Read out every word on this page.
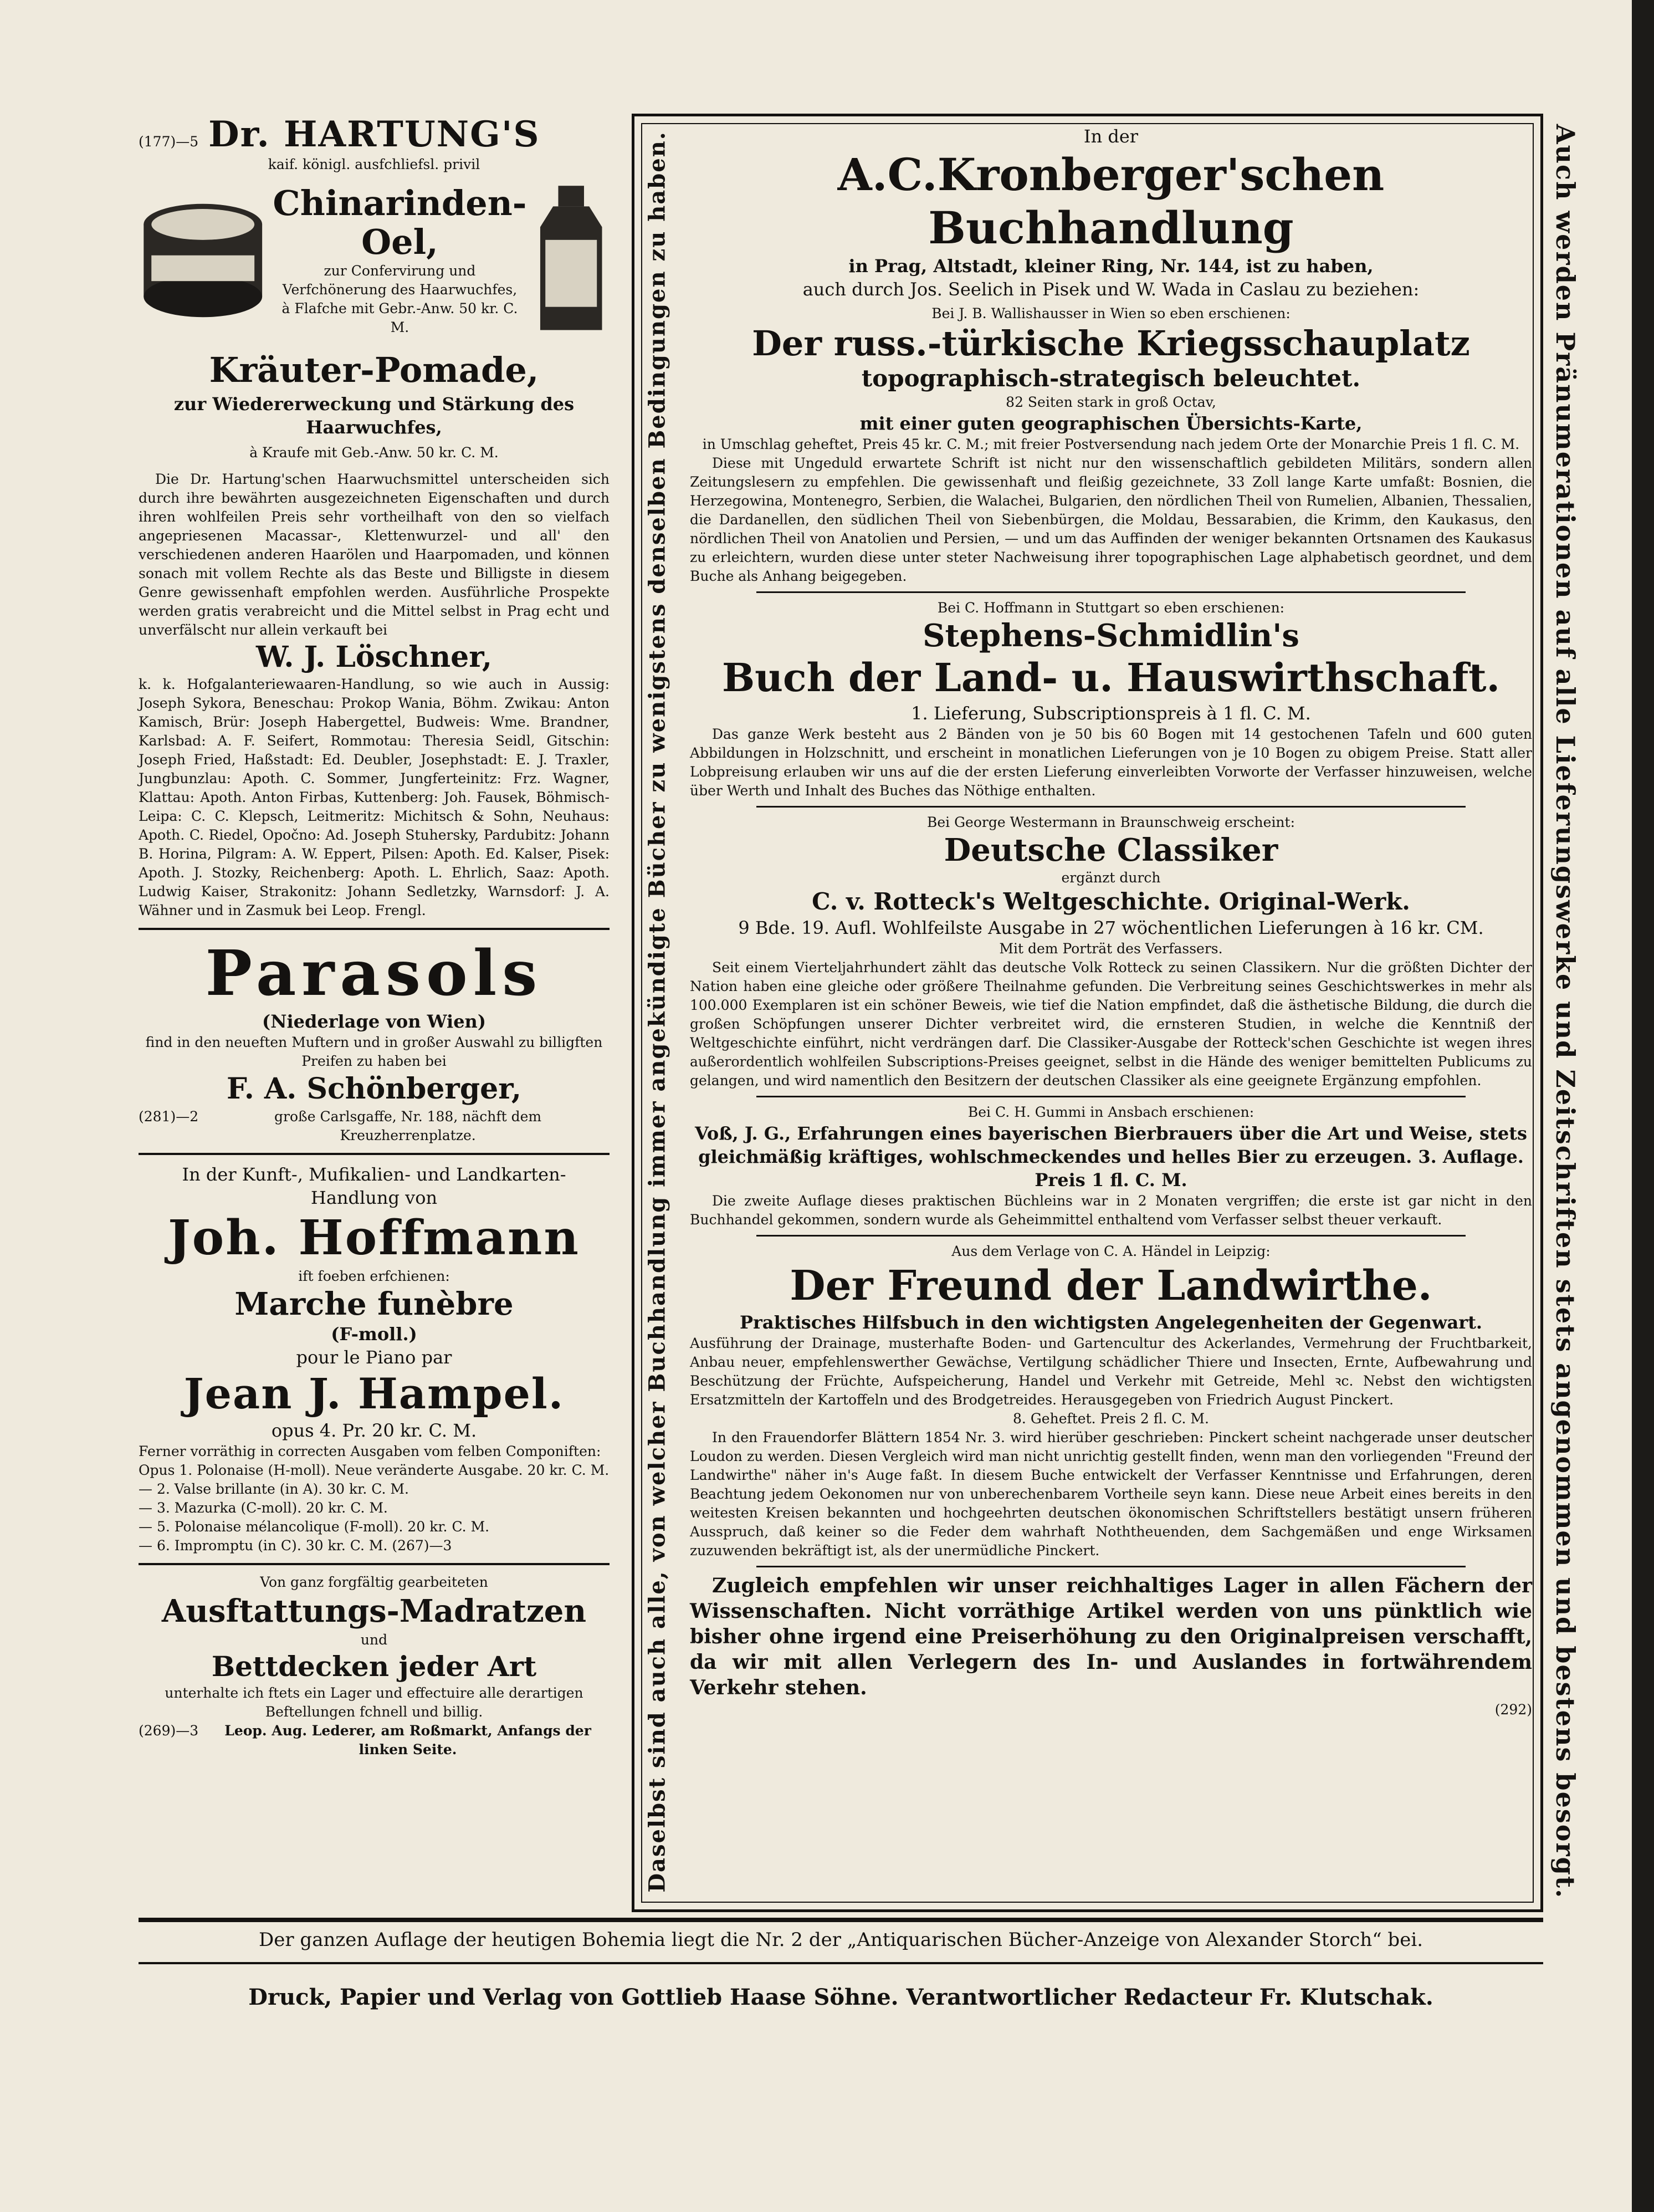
(177)—5 Dr. HARTUNG'S
kaif. königl. ausfchliefsl. privil
Chinarinden-
Oel,
zur Confervirung und Verfchönerung des Haarwuchfes,
à Flafche mit Gebr.-Anw. 50 kr. C. M.
Kräuter-Pomade,
zur Wiedererweckung und Stärkung des Haarwuchfes,
à Kraufe mit Geb.-Anw. 50 kr. C. M.
Die Dr. Hartung'schen Haarwuchsmittel unterscheiden sich durch ihre bewährten ausgezeichneten Eigenschaften und durch ihren wohlfeilen Preis sehr vortheilhaft von den so vielfach angepriesenen Macassar-, Klettenwurzel- und all' den verschiedenen anderen Haarölen und Haarpomaden, und können sonach mit vollem Rechte als das Beste und Billigste in diesem Genre gewissenhaft empfohlen werden. Ausführliche Prospekte werden gratis verabreicht und die Mittel selbst in Prag echt und unverfälscht nur allein verkauft bei
W. J. Löschner,
k. k. Hofgalanteriewaaren-Handlung, so wie auch in Aussig: Joseph Sykora, Beneschau: Prokop Wania, Böhm. Zwikau: Anton Kamisch, Brür: Joseph Habergettel, Budweis: Wme. Brandner, Karlsbad: A. F. Seifert, Rommotau: Theresia Seidl, Gitschin: Joseph Fried, Haßstadt: Ed. Deubler, Josephstadt: E. J. Traxler, Jungbunzlau: Apoth. C. Sommer, Jungferteinitz: Frz. Wagner, Klattau: Apoth. Anton Firbas, Kuttenberg: Joh. Fausek, Böhmisch-Leipa: C. C. Klepsch, Leitmeritz: Michitsch & Sohn, Neuhaus: Apoth. C. Riedel, Opočno: Ad. Joseph Stuhersky, Pardubitz: Johann B. Horina, Pilgram: A. W. Eppert, Pilsen: Apoth. Ed. Kalser, Pisek: Apoth. J. Stozky, Reichenberg: Apoth. L. Ehrlich, Saaz: Apoth. Ludwig Kaiser, Strakonitz: Johann Sedletzky, Warnsdorf: J. A. Wähner und in Zasmuk bei Leop. Frengl.
Parasols
(Niederlage von Wien)
find in den neueften Muftern und in großer Auswahl zu billigften Preifen zu haben bei
F. A. Schönberger,
(281)—2	große Carlsgaffe, Nr. 188, nächft dem Kreuzherrenplatze.
In der Kunft-, Mufikalien- und Landkarten-Handlung von
Joh. Hoffmann
ift foeben erfchienen:
Marche funèbre
(F-moll.)
pour le Piano par
Jean J. Hampel.
opus 4. Pr. 20 kr. C. M.
Ferner vorräthig in correcten Ausgaben vom felben Componiften:
Opus 1. Polonaise (H-moll). Neue veränderte Ausgabe. 20 kr. C. M.
— 2. Valse brillante (in A). 30 kr. C. M.
— 3. Mazurka (C-moll). 20 kr. C. M.
— 5. Polonaise mélancolique (F-moll). 20 kr. C. M.
— 6. Impromptu (in C). 30 kr. C. M. (267)—3
Von ganz forgfältig gearbeiteten
Ausftattungs-Madratzen
und
Bettdecken jeder Art
unterhalte ich ftets ein Lager und effectuire alle derartigen Beftellungen fchnell und billig.
(269)—3	Leop. Aug. Lederer, am Roßmarkt, Anfangs der linken Seite.	Daselbst sind auch alle, von welcher Buchhandlung immer angekündigte Bücher zu wenigstens denselben Bedingungen zu haben.	Auch werden Pränumerationen auf alle Lieferungswerke und Zeitschriften stets angenommen und bestens besorgt.
In der
A.C.Kronberger'schen Buchhandlung
in Prag, Altstadt, kleiner Ring, Nr. 144, ist zu haben,
auch durch Jos. Seelich in Pisek und W. Wada in Caslau zu beziehen:
Bei J. B. Wallishausser in Wien so eben erschienen:
Der russ.-türkische Kriegsschauplatz
topographisch-strategisch beleuchtet.
82 Seiten stark in groß Octav,
mit einer guten geographischen Übersichts-Karte,
in Umschlag geheftet, Preis 45 kr. C. M.; mit freier Postversendung nach jedem Orte der Monarchie Preis 1 fl. C. M.
Diese mit Ungeduld erwartete Schrift ist nicht nur den wissenschaftlich gebildeten Militärs, sondern allen Zeitungslesern zu empfehlen. Die gewissenhaft und fleißig gezeichnete, 33 Zoll lange Karte umfaßt: Bosnien, die Herzegowina, Montenegro, Serbien, die Walachei, Bulgarien, den nördlichen Theil von Rumelien, Albanien, Thessalien, die Dardanellen, den südlichen Theil von Siebenbürgen, die Moldau, Bessarabien, die Krimm, den Kaukasus, den nördlichen Theil von Anatolien und Persien, — und um das Auffinden der weniger bekannten Ortsnamen des Kaukasus zu erleichtern, wurden diese unter steter Nachweisung ihrer topographischen Lage alphabetisch geordnet, und dem Buche als Anhang beigegeben.
Bei C. Hoffmann in Stuttgart so eben erschienen:
Stephens-Schmidlin's
Buch der Land- u. Hauswirthschaft.
1. Lieferung, Subscriptionspreis à 1 fl. C. M.
Das ganze Werk besteht aus 2 Bänden von je 50 bis 60 Bogen mit 14 gestochenen Tafeln und 600 guten Abbildungen in Holzschnitt, und erscheint in monatlichen Lieferungen von je 10 Bogen zu obigem Preise. Statt aller Lobpreisung erlauben wir uns auf die der ersten Lieferung einverleibten Vorworte der Verfasser hinzuweisen, welche über Werth und Inhalt des Buches das Nöthige enthalten.
Bei George Westermann in Braunschweig erscheint:
Deutsche Classiker
ergänzt durch
C. v. Rotteck's Weltgeschichte. Original-Werk.
9 Bde. 19. Aufl. Wohlfeilste Ausgabe in 27 wöchentlichen Lieferungen à 16 kr. CM.
Mit dem Porträt des Verfassers.
Seit einem Vierteljahrhundert zählt das deutsche Volk Rotteck zu seinen Classikern. Nur die größten Dichter der Nation haben eine gleiche oder größere Theilnahme gefunden. Die Verbreitung seines Geschichtswerkes in mehr als 100.000 Exemplaren ist ein schöner Beweis, wie tief die Nation empfindet, daß die ästhetische Bildung, die durch die großen Schöpfungen unserer Dichter verbreitet wird, die ernsteren Studien, in welche die Kenntniß der Weltgeschichte einführt, nicht verdrängen darf. Die Classiker-Ausgabe der Rotteck'schen Geschichte ist wegen ihres außerordentlich wohlfeilen Subscriptions-Preises geeignet, selbst in die Hände des weniger bemittelten Publicums zu gelangen, und wird namentlich den Besitzern der deutschen Classiker als eine geeignete Ergänzung empfohlen.
Bei C. H. Gummi in Ansbach erschienen:
Voß, J. G., Erfahrungen eines bayerischen Bierbrauers über die Art und Weise, stets gleichmäßig kräftiges, wohlschmeckendes und helles Bier zu erzeugen. 3. Auflage.
Preis 1 fl. C. M.
Die zweite Auflage dieses praktischen Büchleins war in 2 Monaten vergriffen; die erste ist gar nicht in den Buchhandel gekommen, sondern wurde als Geheimmittel enthaltend vom Verfasser selbst theuer verkauft.
Aus dem Verlage von C. A. Händel in Leipzig:
Der Freund der Landwirthe.
Praktisches Hilfsbuch in den wichtigsten Angelegenheiten der Gegenwart.
Ausführung der Drainage, musterhafte Boden- und Gartencultur des Ackerlandes, Vermehrung der Fruchtbarkeit, Anbau neuer, empfehlenswerther Gewächse, Vertilgung schädlicher Thiere und Insecten, Ernte, Aufbewahrung und Beschützung der Früchte, Aufspeicherung, Handel und Verkehr mit Getreide, Mehl ꝛc. Nebst den wichtigsten Ersatzmitteln der Kartoffeln und des Brodgetreides. Herausgegeben von Friedrich August Pinckert.
8. Geheftet. Preis 2 fl. C. M.
In den Frauendorfer Blättern 1854 Nr. 3. wird hierüber geschrieben: Pinckert scheint nachgerade unser deutscher Loudon zu werden. Diesen Vergleich wird man nicht unrichtig gestellt finden, wenn man den vorliegenden "Freund der Landwirthe" näher in's Auge faßt. In diesem Buche entwickelt der Verfasser Kenntnisse und Erfahrungen, deren Beachtung jedem Oekonomen nur von unberechenbarem Vortheile seyn kann. Diese neue Arbeit eines bereits in den weitesten Kreisen bekannten und hochgeehrten deutschen ökonomischen Schriftstellers bestätigt unsern früheren Ausspruch, daß keiner so die Feder dem wahrhaft Noththeuenden, dem Sachgemäßen und enge Wirksamen zuzuwenden bekräftigt ist, als der unermüdliche Pinckert.
Zugleich empfehlen wir unser reichhaltiges Lager in allen Fächern der Wissenschaften. Nicht vorräthige Artikel werden von uns pünktlich wie bisher ohne irgend eine Preiserhöhung zu den Originalpreisen verschafft, da wir mit allen Verlegern des In- und Auslandes in fortwährendem Verkehr stehen.
(292)
Der ganzen Auflage der heutigen Bohemia liegt die Nr. 2 der „Antiquarischen Bücher-Anzeige von Alexander Storch“ bei.
Druck, Papier und Verlag von Gottlieb Haase Söhne. Verantwortlicher Redacteur Fr. Klutschak.
